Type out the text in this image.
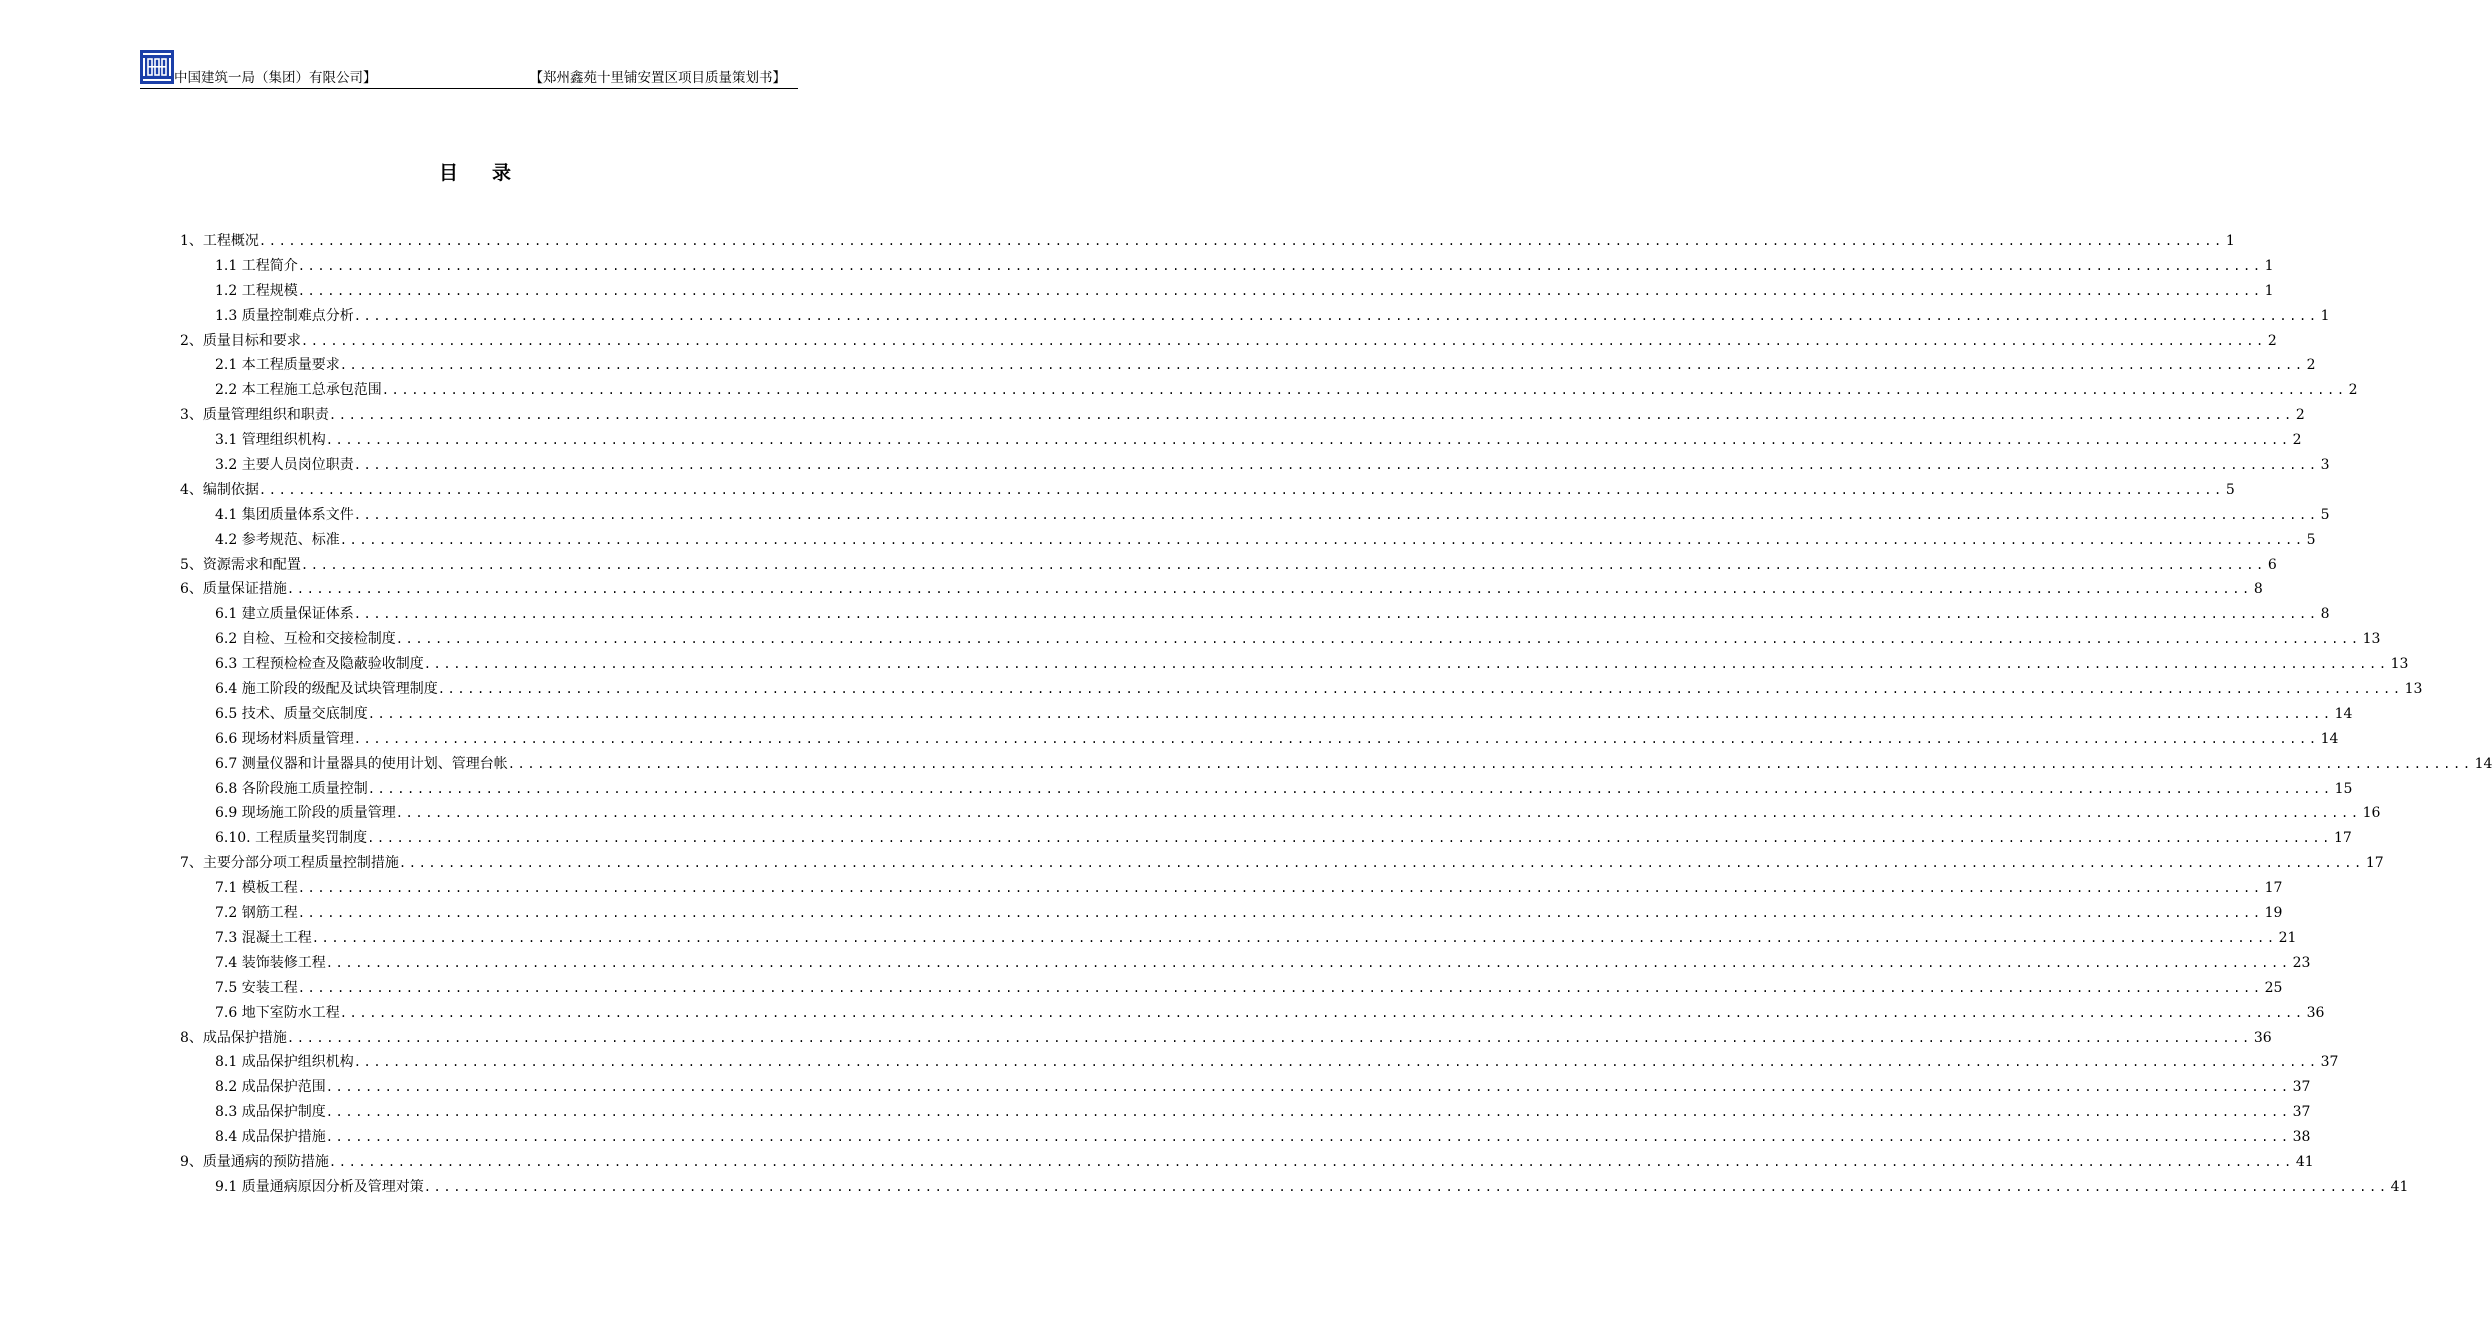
中国建筑一局（集团）有限公司】	【郑州鑫苑十里铺安置区项目质量策划书】
目录
1、工程概况 ........................................................................................................................................................................................................ 1
1.1 工程简介 ........................................................................................................................................................................................................ 1
1.2 工程规模 ........................................................................................................................................................................................................ 1
1.3 质量控制难点分析 ........................................................................................................................................................................................................ 1
2、质量目标和要求 ........................................................................................................................................................................................................ 2
2.1 本工程质量要求 ........................................................................................................................................................................................................ 2
2.2 本工程施工总承包范围 ........................................................................................................................................................................................................ 2
3、质量管理组织和职责 ........................................................................................................................................................................................................ 2
3.1 管理组织机构 ........................................................................................................................................................................................................ 2
3.2 主要人员岗位职责 ........................................................................................................................................................................................................ 3
4、编制依据 ........................................................................................................................................................................................................ 5
4.1 集团质量体系文件 ........................................................................................................................................................................................................ 5
4.2 参考规范、标准 ........................................................................................................................................................................................................ 5
5、资源需求和配置 ........................................................................................................................................................................................................ 6
6、质量保证措施 ........................................................................................................................................................................................................ 8
6.1 建立质量保证体系 ........................................................................................................................................................................................................ 8
6.2 自检、互检和交接检制度 ........................................................................................................................................................................................................ 13
6.3 工程预检检查及隐蔽验收制度 ........................................................................................................................................................................................................ 13
6.4 施工阶段的级配及试块管理制度 ........................................................................................................................................................................................................ 13
6.5 技术、质量交底制度 ........................................................................................................................................................................................................ 14
6.6 现场材料质量管理 ........................................................................................................................................................................................................ 14
6.7 测量仪器和计量器具的使用计划、管理台帐 ........................................................................................................................................................................................................ 14
6.8 各阶段施工质量控制 ........................................................................................................................................................................................................ 15
6.9 现场施工阶段的质量管理 ........................................................................................................................................................................................................ 16
6.10. 工程质量奖罚制度 ........................................................................................................................................................................................................ 17
7、主要分部分项工程质量控制措施 ........................................................................................................................................................................................................ 17
7.1 模板工程 ........................................................................................................................................................................................................ 17
7.2 钢筋工程 ........................................................................................................................................................................................................ 19
7.3 混凝土工程 ........................................................................................................................................................................................................ 21
7.4 装饰装修工程 ........................................................................................................................................................................................................ 23
7.5 安装工程 ........................................................................................................................................................................................................ 25
7.6 地下室防水工程 ........................................................................................................................................................................................................ 36
8、成品保护措施 ........................................................................................................................................................................................................ 36
8.1 成品保护组织机构 ........................................................................................................................................................................................................ 37
8.2 成品保护范围 ........................................................................................................................................................................................................ 37
8.3 成品保护制度 ........................................................................................................................................................................................................ 37
8.4 成品保护措施 ........................................................................................................................................................................................................ 38
9、质量通病的预防措施 ........................................................................................................................................................................................................ 41
9.1 质量通病原因分析及管理对策 ........................................................................................................................................................................................................ 41
